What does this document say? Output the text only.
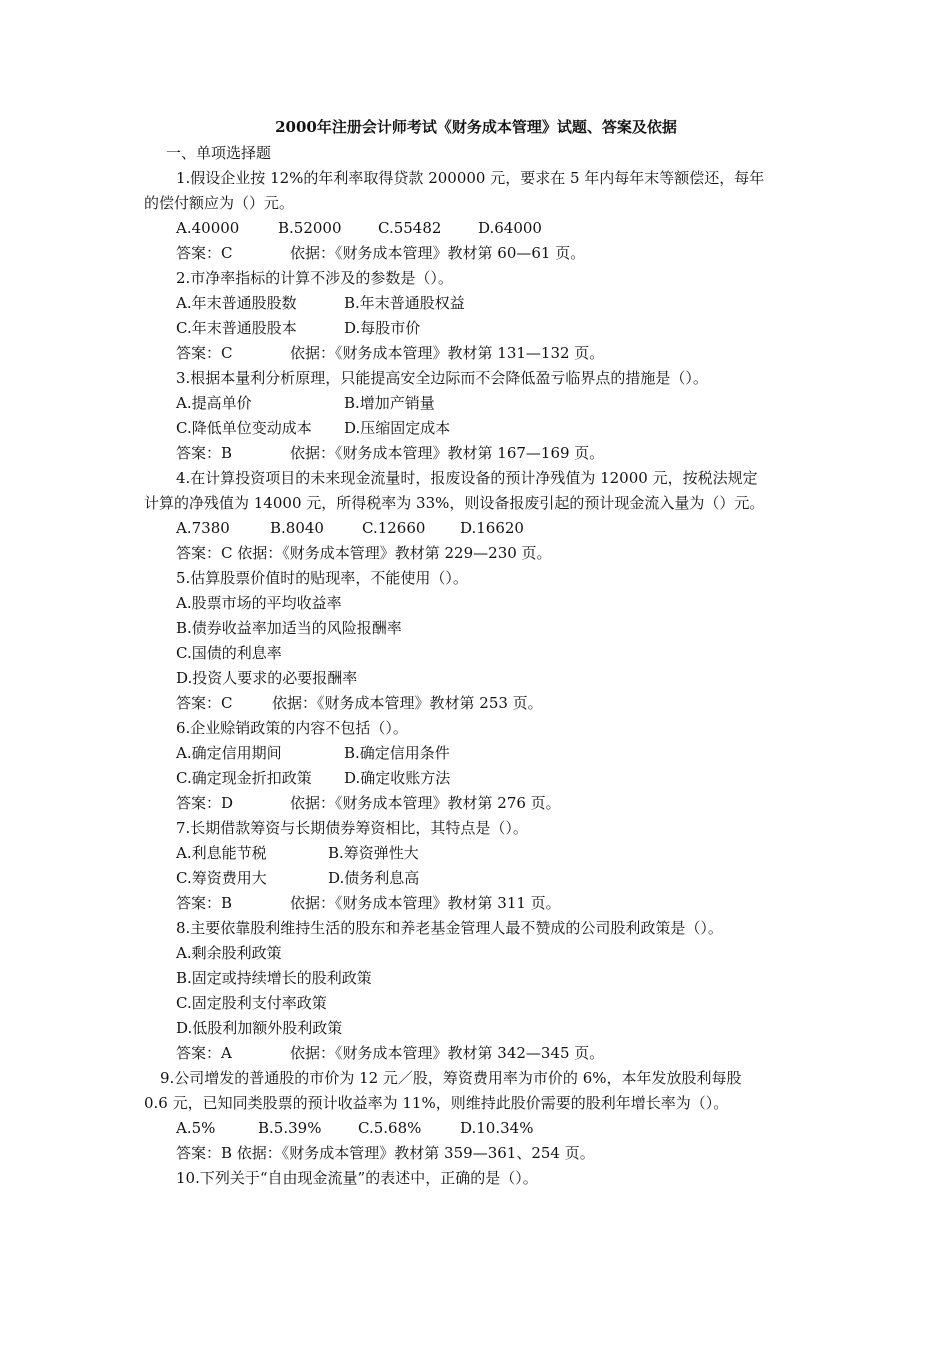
2000年注册会计师考试《财务成本管理》试题、答案及依据
一、单项选择题
1.假设企业按 12%的年利率取得贷款 200000 元，要求在 5 年内每年末等额偿还，每年
的偿付额应为（）元。
A.40000	B.52000 C.55482 D.64000
答案：C	依据：《财务成本管理》教材第 60—61 页。
2.市净率指标的计算不涉及的参数是（）。
A.年末普通股股数	B.年末普通股权益
C.年末普通股股本	D.每股市价
答案：C	依据：《财务成本管理》教材第 131—132 页。
3.根据本量利分析原理，只能提高安全边际而不会降低盈亏临界点的措施是（）。
A.提高单价	B.增加产销量
C.降低单位变动成本 D.压缩固定成本
答案：B	依据：《财务成本管理》教材第 167—169 页。
4.在计算投资项目的未来现金流量时，报废设备的预计净残值为 12000 元，按税法规定
计算的净残值为 14000 元，所得税率为 33%，则设备报废引起的预计现金流入量为（）元。
A.7380	B.8040	C.12660 D.16620
答案：C 依据：《财务成本管理》教材第 229—230 页。
5.估算股票价值时的贴现率，不能使用（）。
A.股票市场的平均收益率
B.债券收益率加适当的风险报酬率
C.国债的利息率
D.投资人要求的必要报酬率
答案：C	依据：《财务成本管理》教材第 253 页。
6.企业赊销政策的内容不包括（）。
A.确定信用期间	B.确定信用条件
C.确定现金折扣政策 D.确定收账方法
答案：D	依据：《财务成本管理》教材第 276 页。
7.长期借款筹资与长期债券筹资相比，其特点是（）。
A.利息能节税	B.筹资弹性大
C.筹资费用大	D.债务利息高
答案：B	依据：《财务成本管理》教材第 311 页。
8.主要依靠股利维持生活的股东和养老基金管理人最不赞成的公司股利政策是（）。
A.剩余股利政策
B.固定或持续增长的股利政策
C.固定股利支付率政策
D.低股利加额外股利政策
答案：A	依据：《财务成本管理》教材第 342—345 页。
9.公司增发的普通股的市价为 12 元／股，筹资费用率为市价的 6%，本年发放股利每股
0.6 元，已知同类股票的预计收益率为 11%，则维持此股价需要的股利年增长率为（）。
A.5%	B.5.39% C.5.68%	D.10.34%
答案：B 依据：《财务成本管理》教材第 359—361、254 页。
10.下列关于“自由现金流量”的表述中，正确的是（）。
